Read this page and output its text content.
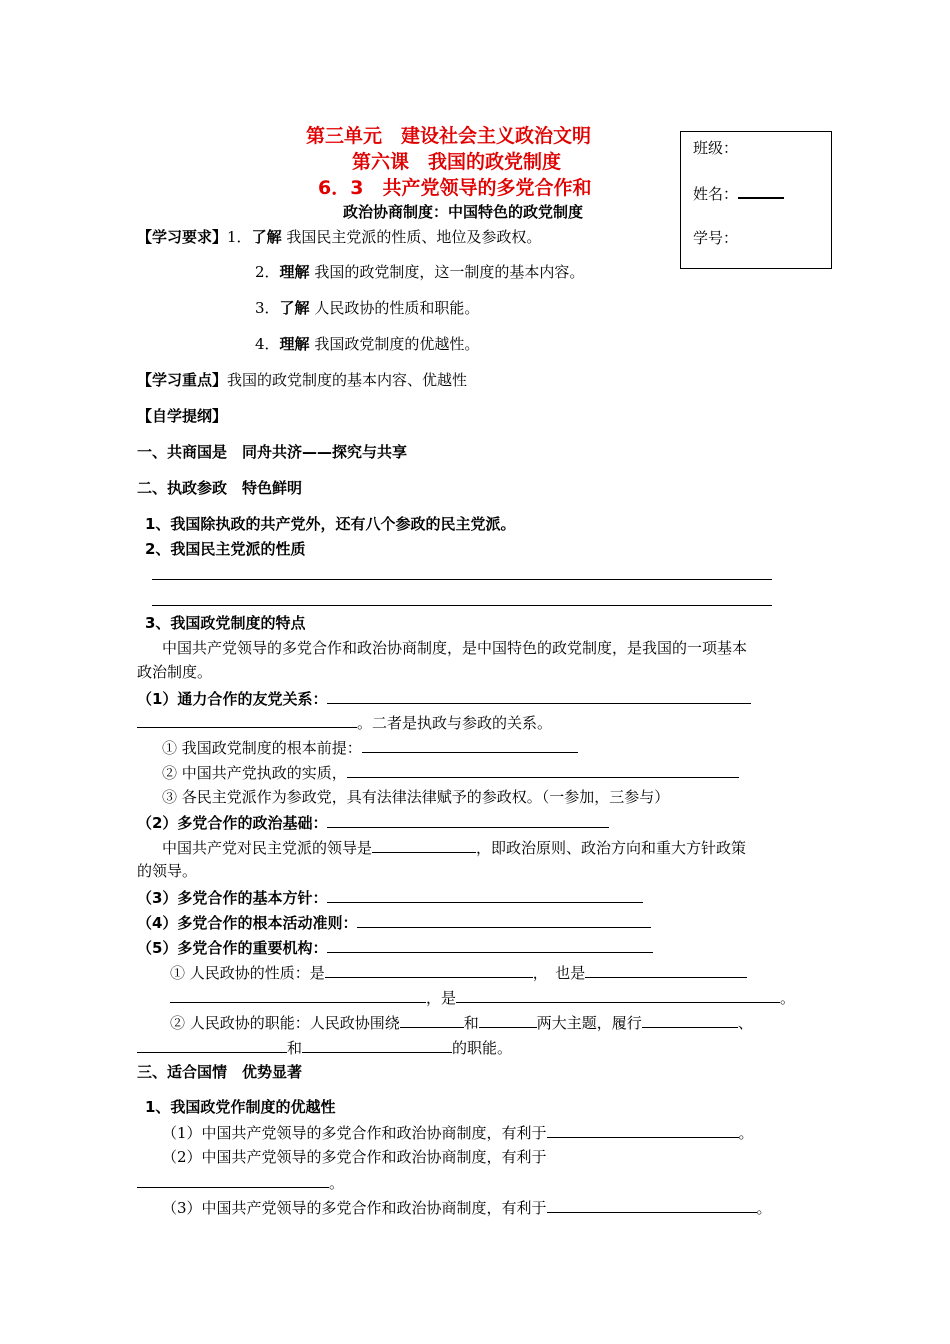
第三单元　建设社会主义政治文明
第六课　我国的政党制度
6．3　共产党领导的多党合作和
政治协商制度：中国特色的政党制度
班级：
姓名：
学号：
【学习要求】1．了解 我国民主党派的性质、地位及参政权。
2．理解 我国的政党制度，这一制度的基本内容。
3．了解 人民政协的性质和职能。
4．理解 我国政党制度的优越性。
【学习重点】我国的政党制度的基本内容、优越性
【自学提纲】
一、共商国是　同舟共济——探究与共享
二、执政参政　特色鲜明
1、我国除执政的共产党外，还有八个参政的民主党派。
2、我国民主党派的性质
3、我国政党制度的特点
中国共产党领导的多党合作和政治协商制度，是中国特色的政党制度，是我国的一项基本
政治制度。
（1）通力合作的友党关系：
。二者是执政与参政的关系。
① 我国政党制度的根本前提：
② 中国共产党执政的实质，
③ 各民主党派作为参政党，具有法律法律赋予的参政权。（一参加，三参与）
（2）多党合作的政治基础：
中国共产党对民主党派的领导是	，即政治原则、政治方向和重大方针政策
的领导。
（3）多党合作的基本方针：
（4）多党合作的根本活动准则：
（5）多党合作的重要机构：
① 人民政协的性质：是	，　也是
，是	。
② 人民政协的职能：人民政协围绕	和	两大主题，履行	、
和	的职能。
三、适合国情　优势显著
1、我国政党作制度的优越性
（1）中国共产党领导的多党合作和政治协商制度，有利于	。
（2）中国共产党领导的多党合作和政治协商制度，有利于
。
（3）中国共产党领导的多党合作和政治协商制度，有利于	。
